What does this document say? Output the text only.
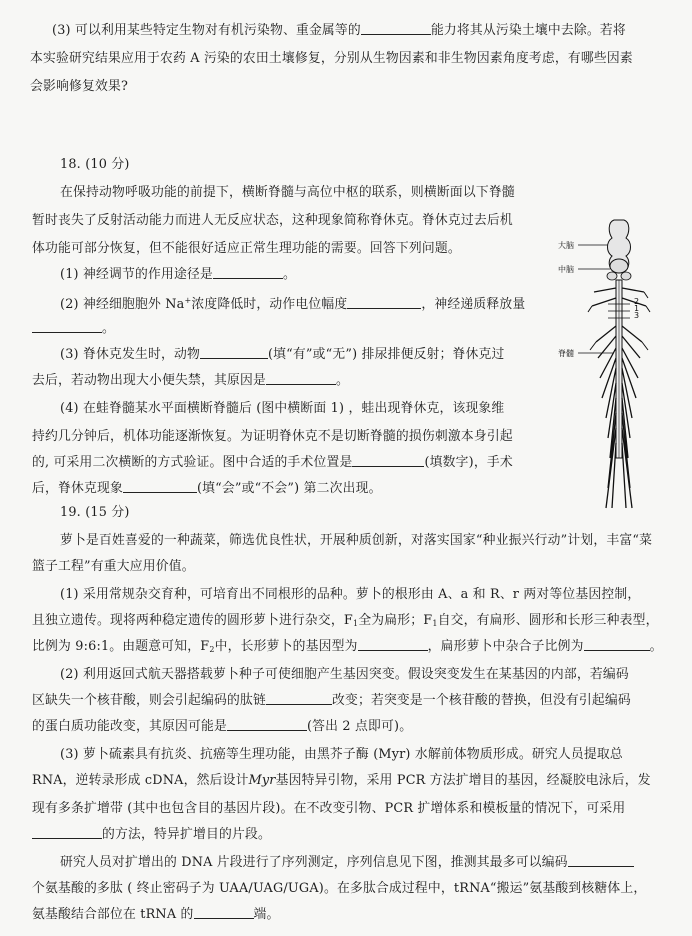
(3) 可以利用某些特定生物对有机污染物、重金属等的	能力将其从污染土壤中去除。若将
本实验研究结果应用于农药 A 污染的农田土壤修复，分别从生物因素和非生物因素角度考虑，有哪些因素
会影响修复效果?
18. (10 分)
在保持动物呼吸功能的前提下，横断脊髓与高位中枢的联系，则横断面以下脊髓
暂时丧失了反射活动能力而进人无反应状态，这种现象简称脊休克。脊休克过去后机
体功能可部分恢复，但不能很好适应正常生理功能的需要。回答下列问题。
(1) 神经调节的作用途径是	。
(2) 神经细胞胞外 Na+浓度降低时，动作电位幅度	，神经递质释放量
。
(3) 脊休克发生时，动物	(填“有”或“无”) 排尿排便反射；脊休克过
去后，若动物出现大小便失禁，其原因是	。
(4) 在蛙脊髓某水平面横断脊髓后 (图中横断面 1) ，蛙出现脊休克，该现象维
持约几分钟后，机体功能逐渐恢复。为证明脊休克不是切断脊髓的损伤刺激本身引起
的, 可采用二次横断的方式验证。图中合适的手术位置是	(填数字)，手术
后，脊休克现象	(填“会”或“不会”) 第二次出现。
大脑
中脑
脊髓
2
1
3
19. (15 分)
萝卜是百姓喜爱的一种蔬菜，筛选优良性状，开展种质创新，对落实国家“种业振兴行动”计划，丰富“菜
篮子工程”有重大应用价值。
(1) 采用常规杂交育种，可培育出不同根形的品种。萝卜的根形由 A、a 和 R、r 两对等位基因控制，
且独立遗传。现将两种稳定遗传的圆形萝卜进行杂交，$F_1$全为扁形；$F_1$自交，有扁形、圆形和长形三种表型，
比例为 9:6:1。由题意可知，$F_2$中，长形萝卜的基因型为	，扁形萝卜中杂合子比例为	。
(2) 利用返回式航天器搭载萝卜种子可使细胞产生基因突变。假设突变发生在某基因的内部，若编码
区缺失一个核苷酸，则会引起编码的肽链	改变；若突变是一个核苷酸的替换，但没有引起编码
的蛋白质功能改变，其原因可能是	(答出 2 点即可)。
(3) 萝卜硫素具有抗炎、抗癌等生理功能，由黑芥子酶 (Myr) 水解前体物质形成。研究人员提取总
RNA，逆转录形成 cDNA，然后设计Myr基因特异引物，采用 PCR 方法扩增目的基因，经凝胶电泳后，发
现有多条扩增带 (其中也包含目的基因片段)。在不改变引物、PCR 扩增体系和模板量的情况下，可采用
的方法，特异扩增目的片段。
研究人员对扩增出的 DNA 片段进行了序列测定，序列信息见下图，推测其最多可以编码
个氨基酸的多肽 ( 终止密码子为 UAA/UAG/UGA)。在多肽合成过程中，tRNA“搬运”氨基酸到核糖体上，
氨基酸结合部位在 tRNA 的	端。
